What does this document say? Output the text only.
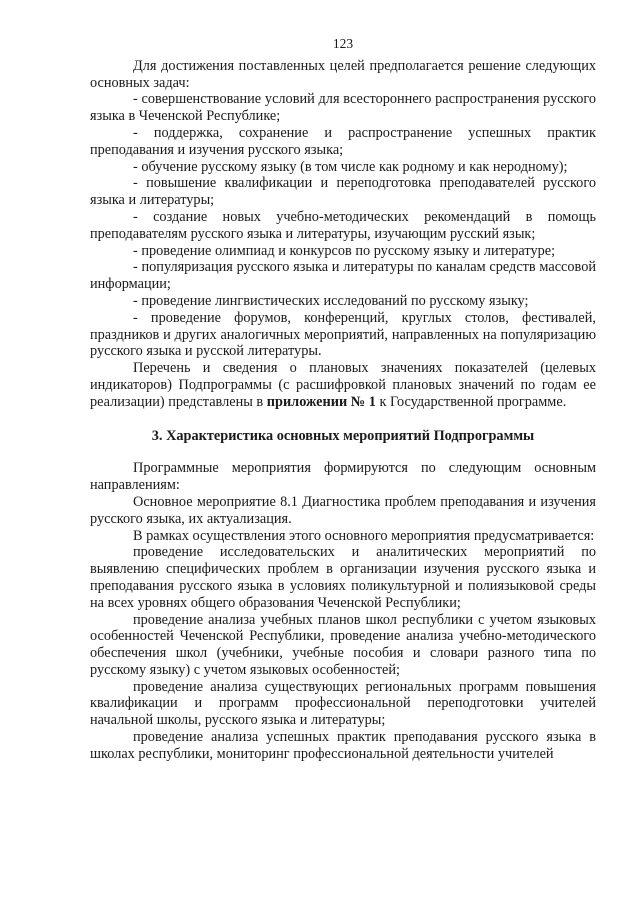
123

Для достижения поставленных целей предполагается решение следующих основных задач:

- совершенствование условий для всестороннего распространения русского языка в Чеченской Республике;

- поддержка, сохранение и распространение успешных практик преподавания и изучения русского языка;

- обучение русскому языку (в том числе как родному и как неродному);

- повышение квалификации и переподготовка преподавателей русского языка и литературы;

- создание новых учебно-методических рекомендаций в помощь преподавателям русского языка и литературы, изучающим русский язык;

- проведение олимпиад и конкурсов по русскому языку и литературе;

- популяризация русского языка и литературы по каналам средств массовой информации;

- проведение лингвистических исследований по русскому языку;

- проведение форумов, конференций, круглых столов, фестивалей, праздников и других аналогичных мероприятий, направленных на популяризацию русского языка и русской литературы.

Перечень и сведения о плановых значениях показателей (целевых индикаторов) Подпрограммы (с расшифровкой плановых значений по годам ее реализации) представлены в приложении № 1 к Государственной программе.

3. Характеристика основных мероприятий Подпрограммы

Программные мероприятия формируются по следующим основным направлениям:

Основное мероприятие 8.1 Диагностика проблем преподавания и изучения русского языка, их актуализация.

В рамках осуществления этого основного мероприятия предусматривается:

проведение исследовательских и аналитических мероприятий по выявлению специфических проблем в организации изучения русского языка и преподавания русского языка в условиях поликультурной и полиязыковой среды на всех уровнях общего образования Чеченской Республики;

проведение анализа учебных планов школ республики с учетом языковых особенностей Чеченской Республики, проведение анализа учебно-методического обеспечения школ (учебники, учебные пособия и словари разного типа по русскому языку) с учетом языковых особенностей;

проведение анализа существующих региональных программ повышения квалификации и программ профессиональной переподготовки учителей начальной школы, русского языка и литературы;

проведение анализа успешных практик преподавания русского языка в школах республики, мониторинг профессиональной деятельности учителей
